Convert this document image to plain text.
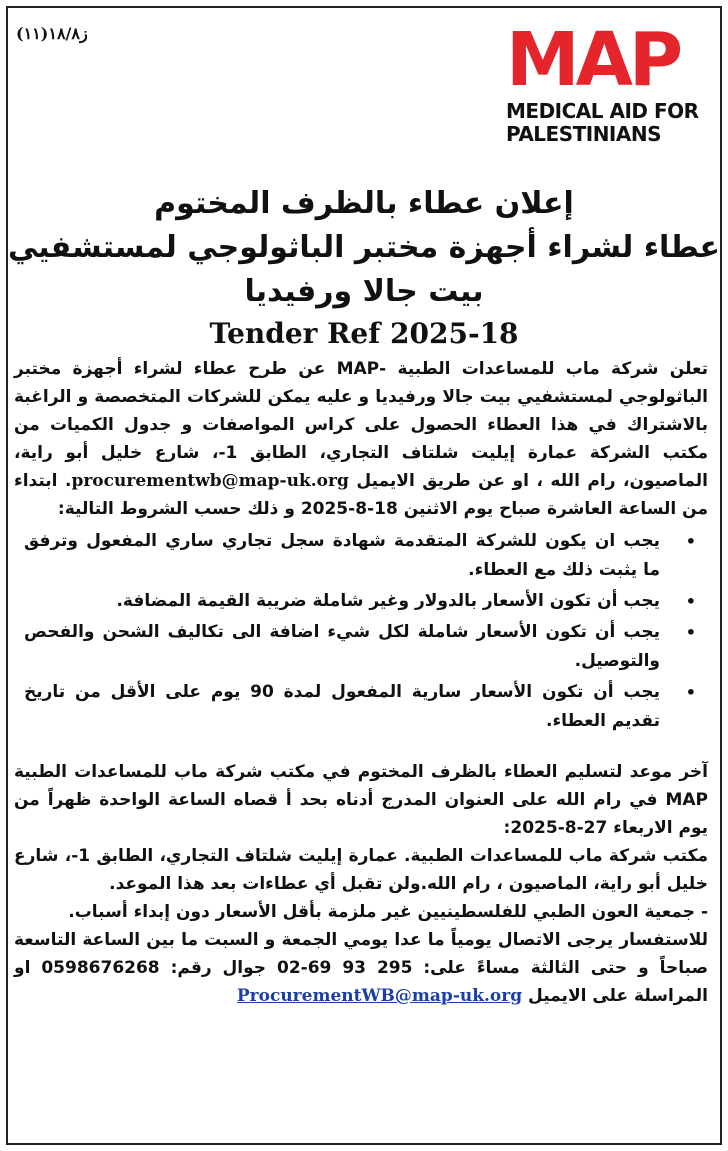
ز١٨/٨(١١)	MAP
MEDICAL AID FOR
PALESTINIANS
إعلان عطاء بالظرف المختوم
عطاء لشراء أجهزة مختبر الباثولوجي لمستشفيي
بيت جالا ورفيديا
Tender Ref 2025-18

تعلن شركة ماب للمساعدات الطبية -MAP عن طرح عطاء لشراء أجهزة مختبر الباثولوجي لمستشفيي بيت جالا ورفيديا و عليه يمكن للشركات المتخصصة و الراغبة بالاشتراك في هذا العطاء الحصول على كراس المواصفات و جدول الكميات من مكتب الشركة عمارة إيليت شلتاف التجاري، الطابق 1-، شارع خليل أبو راية، الماصيون، رام الله ، او عن طريق الايميل procurementwb@map-uk.org. ابتداء من الساعة العاشرة صباح يوم الاثنين 18-8-2025 و ذلك حسب الشروط التالية:

•
يجب ان يكون للشركة المتقدمة شهادة سجل تجاري ساري المفعول وترفق ما يثبت ذلك مع العطاء.
•
يجب أن تكون الأسعار بالدولار وغير شاملة ضريبة القيمة المضافة.
•
يجب أن تكون الأسعار شاملة لكل شيء اضافة الى تكاليف الشحن والفحص والتوصيل.
•
يجب أن تكون الأسعار سارية المفعول لمدة 90 يوم على الأقل من تاريخ تقديم العطاء.

آخر موعد لتسليم العطاء بالظرف المختوم في مكتب شركة ماب للمساعدات الطبية MAP في رام الله على العنوان المدرج أدناه بحد أ قصاه الساعة الواحدة ظهراً من يوم الاربعاء 27-8-2025:

مكتب شركة ماب للمساعدات الطبية. عمارة إيليت شلتاف التجاري، الطابق 1-، شارع خليل أبو راية، الماصيون ، رام الله.ولن تقبل أي عطاءات بعد هذا الموعد.

- جمعية العون الطبي للفلسطينيين غير ملزمة بأقل الأسعار دون إبداء أسباب.

للاستفسار يرجى الاتصال يومياً ما عدا يومي الجمعة و السبت ما بين الساعة التاسعة صباحاً و حتى الثالثة مساءً على: 295 93 69-02 جوال رقم: 0598676268 او المراسلة على الايميل ProcurementWB@map-uk.org
